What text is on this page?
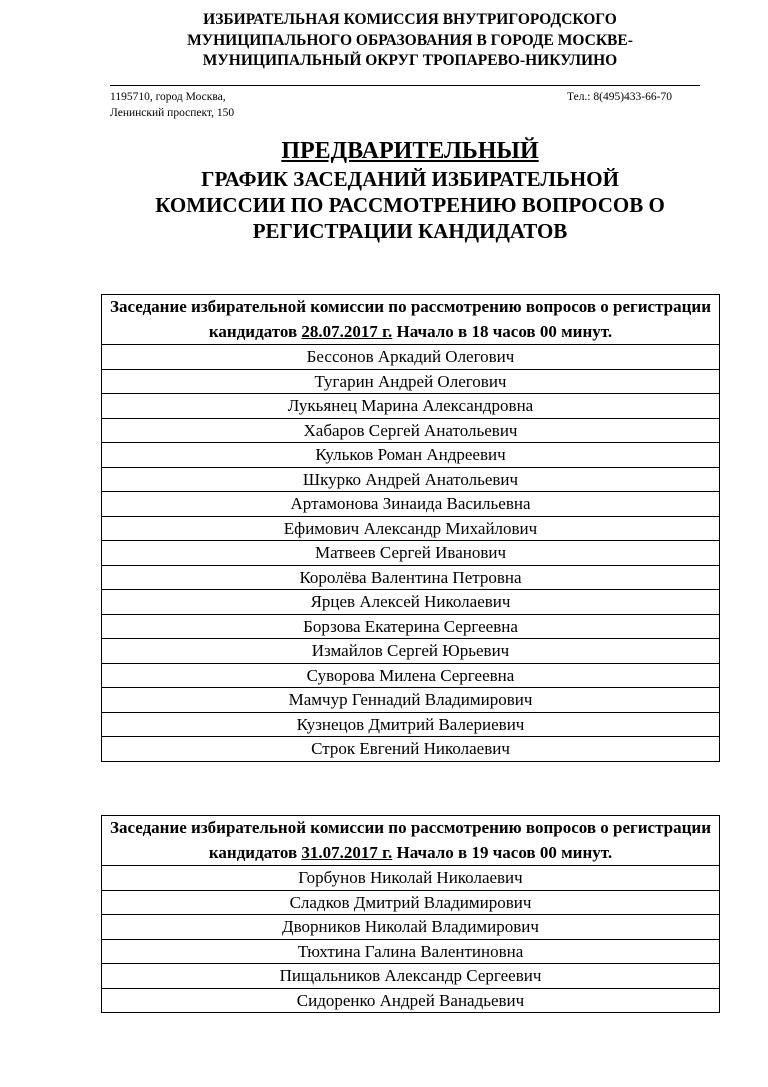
ИЗБИРАТЕЛЬНАЯ КОМИССИЯ ВНУТРИГОРОДСКОГО
МУНИЦИПАЛЬНОГО ОБРАЗОВАНИЯ В ГОРОДЕ МОСКВЕ-
МУНИЦИПАЛЬНЫЙ ОКРУГ ТРОПАРЕВО-НИКУЛИНО
1195710, город Москва,
Ленинский проспект, 150
Тел.: 8(495)433-66-70
ПРЕДВАРИТЕЛЬНЫЙ
ГРАФИК ЗАСЕДАНИЙ ИЗБИРАТЕЛЬНОЙ
КОМИССИИ ПО РАССМОТРЕНИЮ ВОПРОСОВ О
РЕГИСТРАЦИИ КАНДИДАТОВ
Заседание избирательной комиссии по рассмотрению вопросов о регистрации кандидатов 28.07.2017 г. Начало в 18 часов 00 минут.
Бессонов Аркадий Олегович
Тугарин Андрей Олегович
Лукьянец Марина Александровна
Хабаров Сергей Анатольевич
Кульков Роман Андреевич
Шкурко Андрей Анатольевич
Артамонова Зинаида Васильевна
Ефимович Александр Михайлович
Матвеев Сергей Иванович
Королёва Валентина Петровна
Ярцев Алексей Николаевич
Борзова Екатерина Сергеевна
Измайлов Сергей Юрьевич
Суворова Милена Сергеевна
Мамчур Геннадий Владимирович
Кузнецов Дмитрий Валериевич
Строк Евгений Николаевич
Заседание избирательной комиссии по рассмотрению вопросов о регистрации кандидатов 31.07.2017 г. Начало в 19 часов 00 минут.
Горбунов Николай Николаевич
Сладков Дмитрий Владимирович
Дворников Николай Владимирович
Тюхтина Галина Валентиновна
Пищальников Александр Сергеевич
Сидоренко Андрей Ванадьевич
